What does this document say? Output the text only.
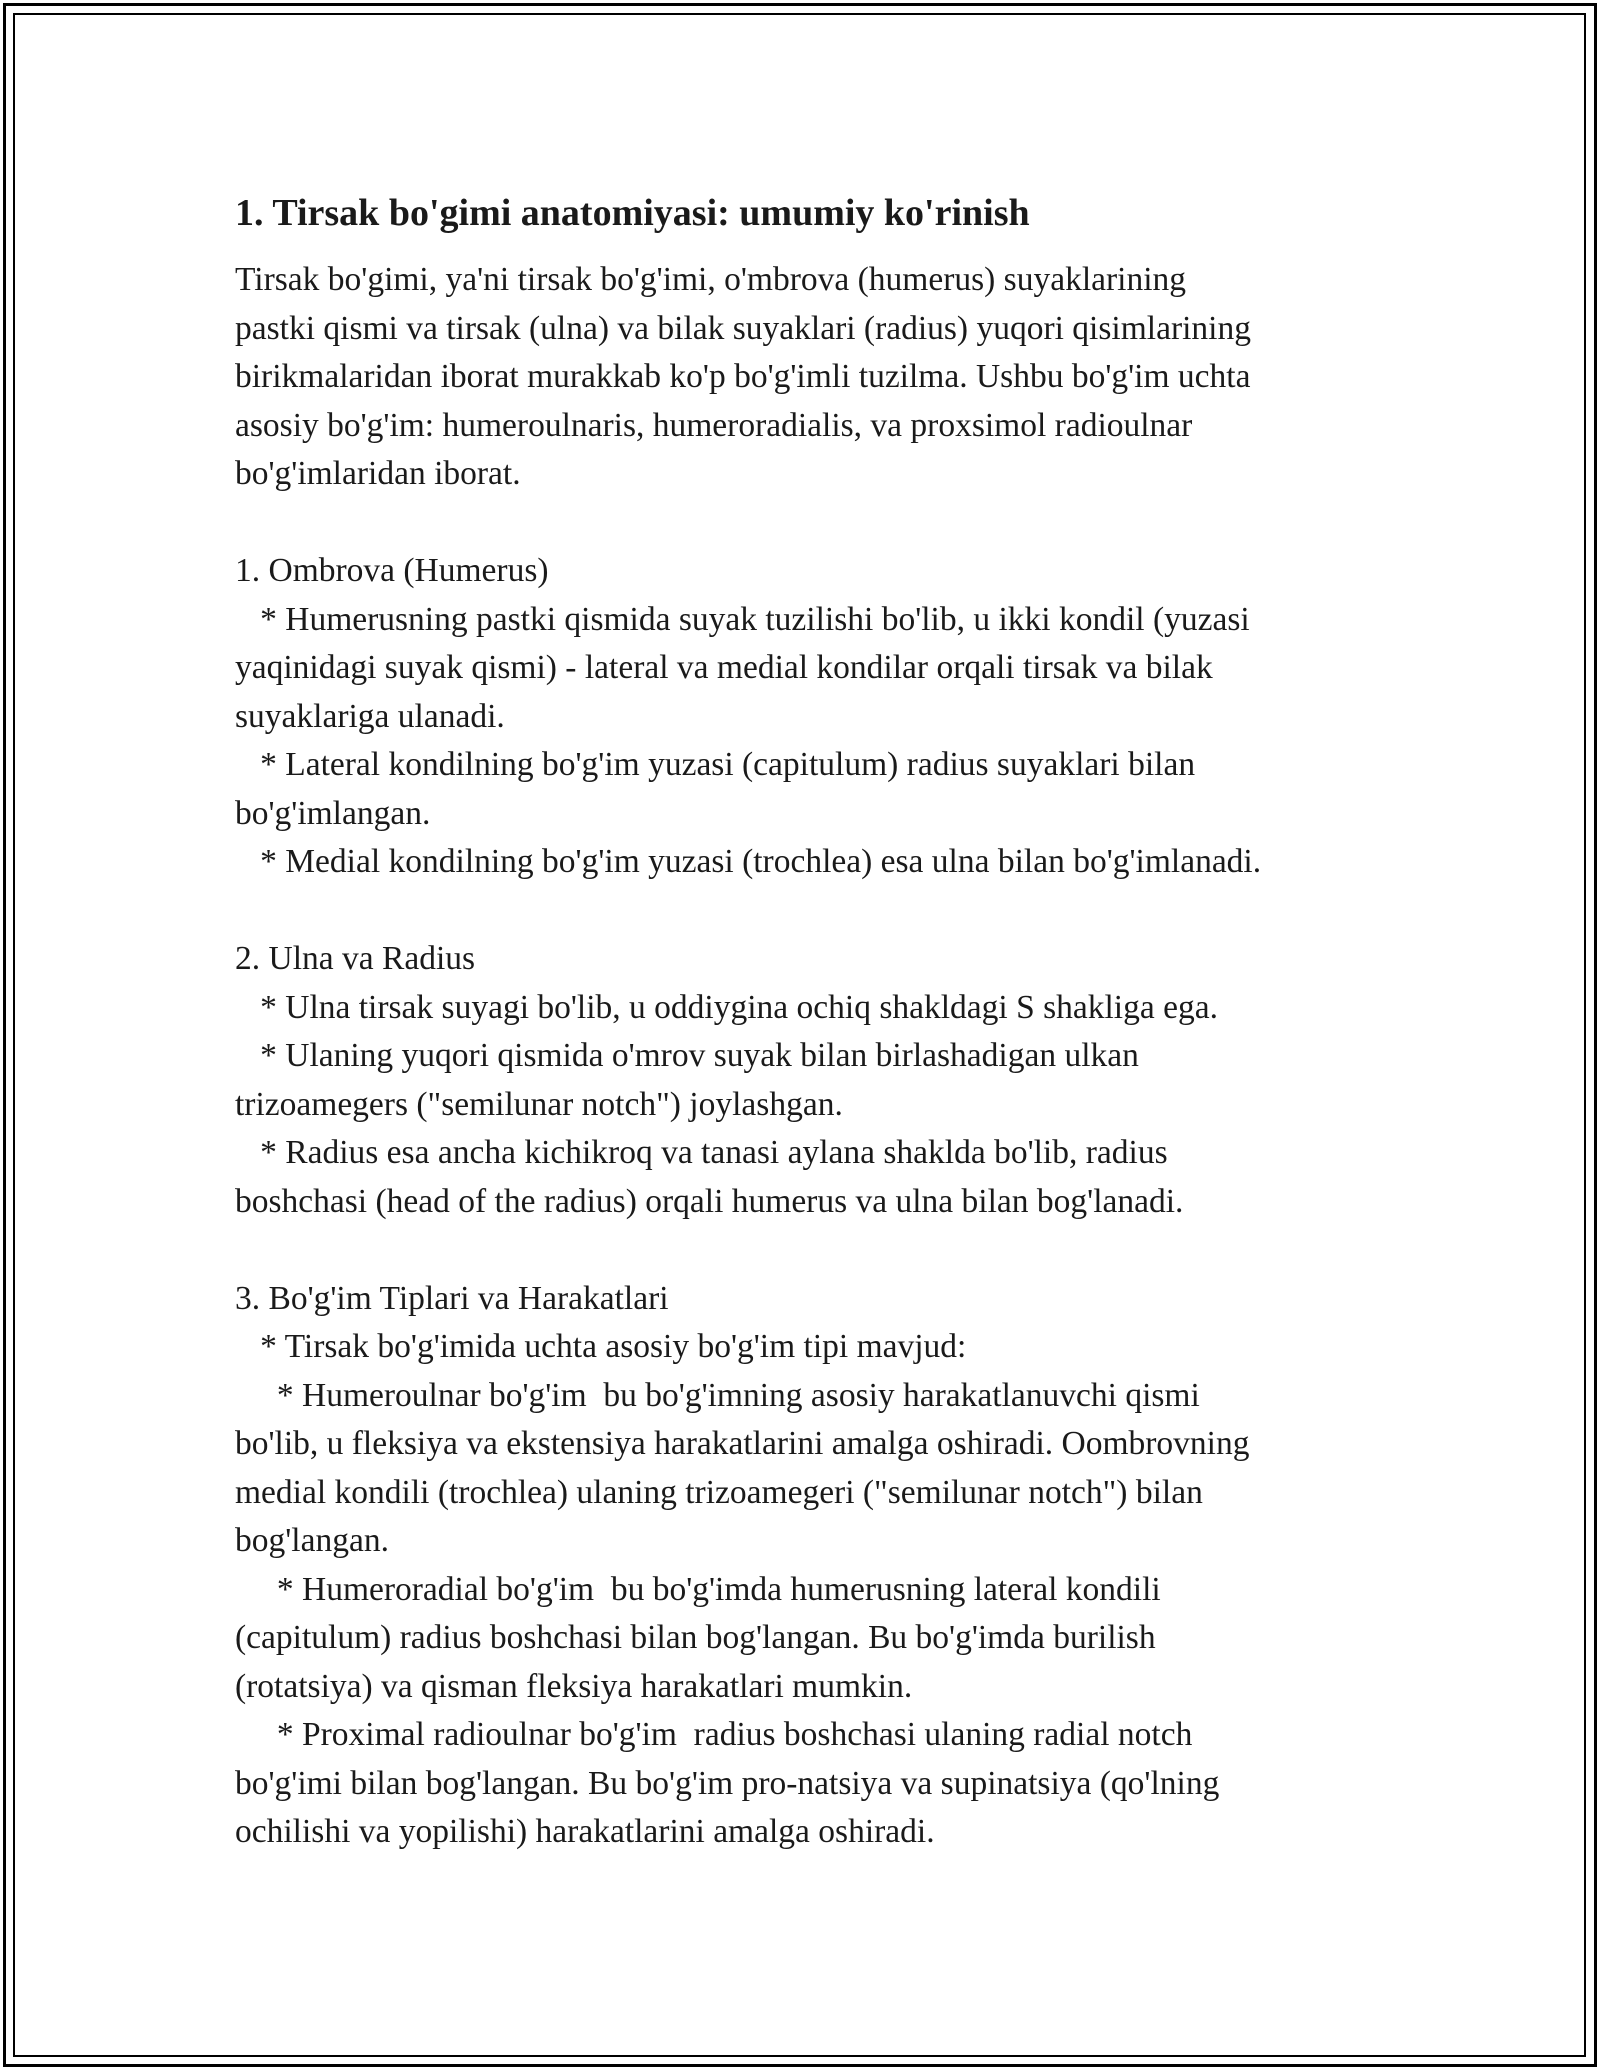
1. Tirsak bo'gimi anatomiyasi: umumiy ko'rinish
Tirsak bo'gimi, ya'ni tirsak bo'g'imi, o'mbrova (humerus) suyaklarining
pastki qismi va tirsak (ulna) va bilak suyaklari (radius) yuqori qisimlarining
birikmalaridan iborat murakkab ko'p bo'g'imli tuzilma. Ushbu bo'g'im uchta
asosiy bo'g'im: humeroulnaris, humeroradialis, va proxsimol radioulnar
bo'g'imlaridan iborat.
1. Ombrova (Humerus)
* Humerusning pastki qismida suyak tuzilishi bo'lib, u ikki kondil (yuzasi
yaqinidagi suyak qismi) - lateral va medial kondilar orqali tirsak va bilak
suyaklariga ulanadi.
* Lateral kondilning bo'g'im yuzasi (capitulum) radius suyaklari bilan
bo'g'imlangan.
* Medial kondilning bo'g'im yuzasi (trochlea) esa ulna bilan bo'g'imlanadi.
2. Ulna va Radius
* Ulna tirsak suyagi bo'lib, u oddiygina ochiq shakldagi S shakliga ega.
* Ulaning yuqori qismida o'mrov suyak bilan birlashadigan ulkan
trizoamegers ("semilunar notch") joylashgan.
* Radius esa ancha kichikroq va tanasi aylana shaklda bo'lib, radius
boshchasi (head of the radius) orqali humerus va ulna bilan bog'lanadi.
3. Bo'g'im Tiplari va Harakatlari
* Tirsak bo'g'imida uchta asosiy bo'g'im tipi mavjud:
* Humeroulnar bo'g'im  bu bo'g'imning asosiy harakatlanuvchi qismi
bo'lib, u fleksiya va ekstensiya harakatlarini amalga oshiradi. Oombrovning
medial kondili (trochlea) ulaning trizoamegeri ("semilunar notch") bilan
bog'langan.
* Humeroradial bo'g'im  bu bo'g'imda humerusning lateral kondili
(capitulum) radius boshchasi bilan bog'langan. Bu bo'g'imda burilish
(rotatsiya) va qisman fleksiya harakatlari mumkin.
* Proximal radioulnar bo'g'im  radius boshchasi ulaning radial notch
bo'g'imi bilan bog'langan. Bu bo'g'im pro-natsiya va supinatsiya (qo'lning
ochilishi va yopilishi) harakatlarini amalga oshiradi.
